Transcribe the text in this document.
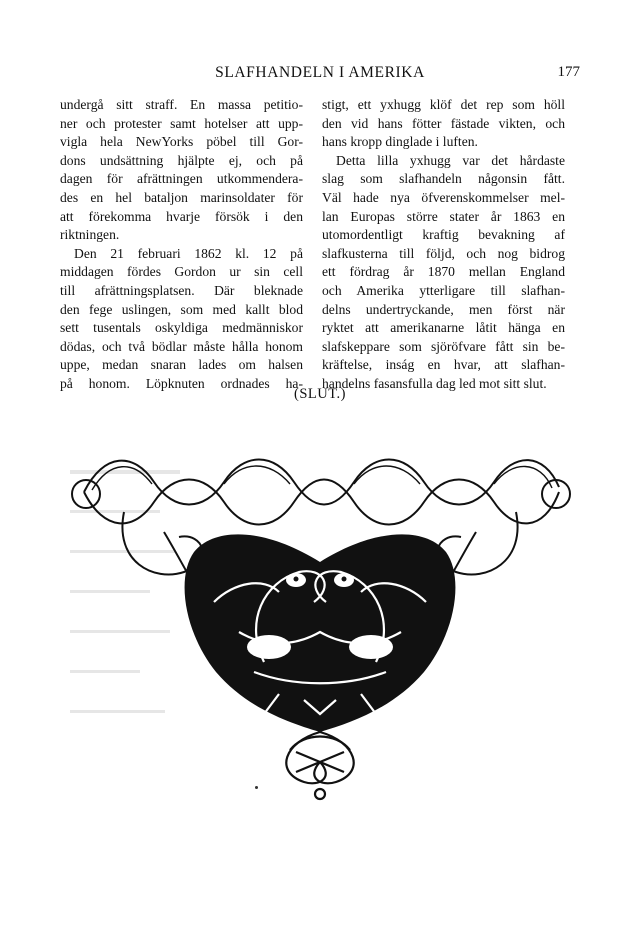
SLAFHANDELN I AMERIKA	177
undergå sitt straff. En massa petitio-
ner och protester samt hotelser att upp-
vigla hela NewYorks pöbel till Gor-
dons undsättning hjälpte ej, och på
dagen för afrättningen utkommendera-
des en hel bataljon marinsoldater för
att förekomma hvarje försök i den
riktningen.
Den 21 februari 1862 kl. 12 på
middagen fördes Gordon ur sin cell
till afrättningsplatsen. Där bleknade
den fege uslingen, som med kallt blod
sett tusentals oskyldiga medmänniskor
dödas, och två bödlar måste hålla honom
uppe, medan snaran lades om halsen
på honom. Löpknuten ordnades ha-
stigt, ett yxhugg klöf det rep som höll
den vid hans fötter fästade vikten, och
hans kropp dinglade i luften.
Detta lilla yxhugg var det hårdaste
slag som slafhandeln någonsin fått.
Väl hade nya öfverenskommelser mel-
lan Europas större stater år 1863 en
utomordentligt kraftig bevakning af
slafkusterna till följd, och nog bidrog
ett fördrag år 1870 mellan England
och Amerika ytterligare till slafhan-
delns undertryckande, men först när
ryktet att amerikanarne låtit hänga en
slafskeppare som sjöröfvare fått sin be-
kräftelse, inság en hvar, att slafhan-
handelns fasansfulla dag led mot sitt slut.
(SLUT.)
